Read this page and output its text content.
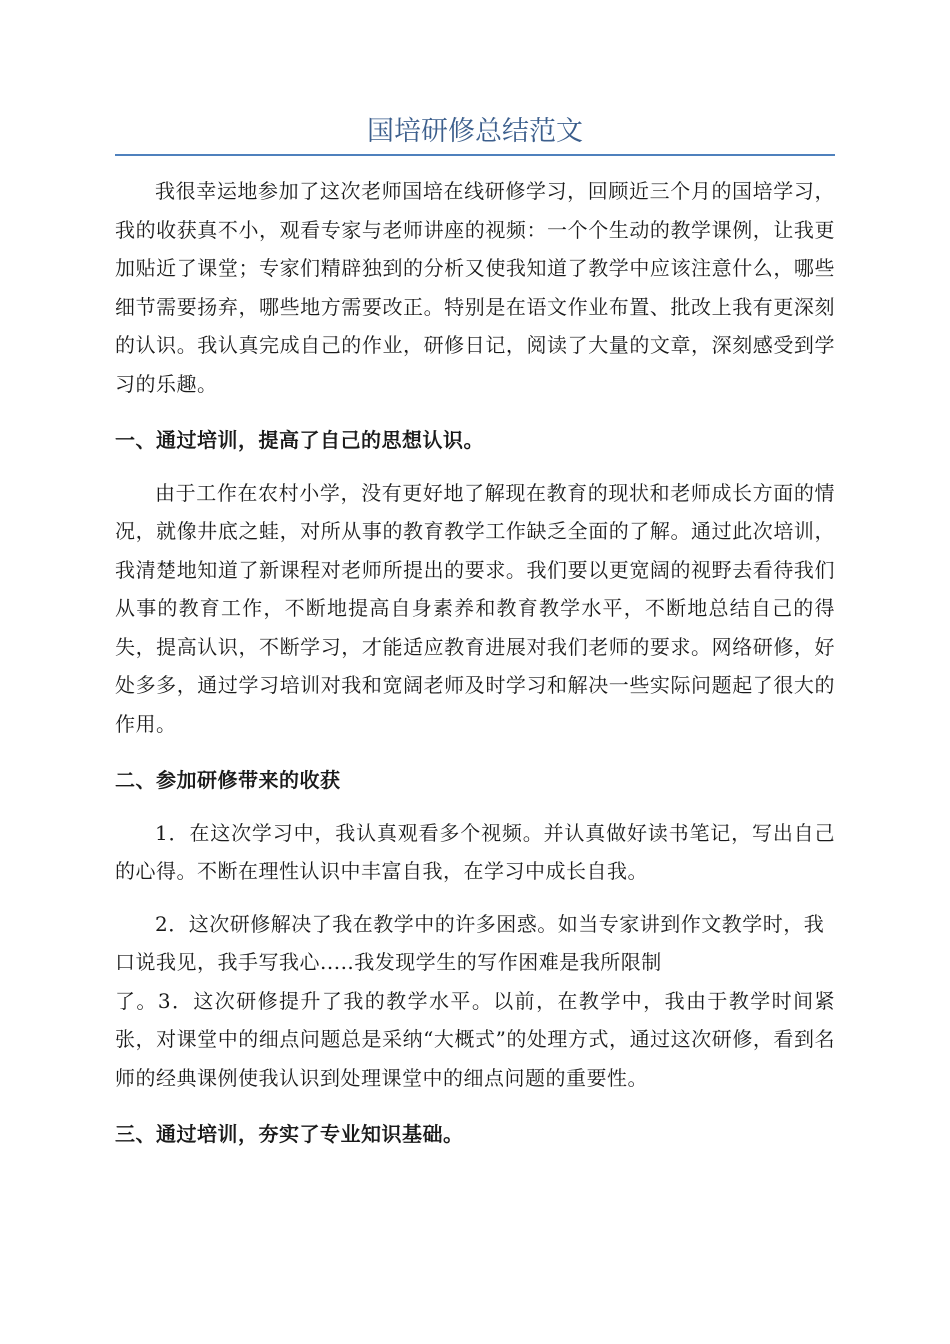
国培研修总结范文

我很幸运地参加了这次老师国培在线研修学习，回顾近三个月的国培学习，我的收获真不小，观看专家与老师讲座的视频：一个个生动的教学课例，让我更加贴近了课堂；专家们精辟独到的分析又使我知道了教学中应该注意什么，哪些细节需要扬弃，哪些地方需要改正。特别是在语文作业布置、批改上我有更深刻的认识。我认真完成自己的作业，研修日记，阅读了大量的文章，深刻感受到学习的乐趣。

一、通过培训，提高了自己的思想认识。

由于工作在农村小学，没有更好地了解现在教育的现状和老师成长方面的情况，就像井底之蛙，对所从事的教育教学工作缺乏全面的了解。通过此次培训，我清楚地知道了新课程对老师所提出的要求。我们要以更宽阔的视野去看待我们从事的教育工作，不断地提高自身素养和教育教学水平，不断地总结自己的得失，提高认识，不断学习，才能适应教育进展对我们老师的要求。网络研修，好处多多，通过学习培训对我和宽阔老师及时学习和解决一些实际问题起了很大的作用。

二、参加研修带来的收获

1．在这次学习中，我认真观看多个视频。并认真做好读书笔记，写出自己的心得。不断在理性认识中丰富自我，在学习中成长自我。

2．这次研修解决了我在教学中的许多困惑。如当专家讲到作文教学时，我口说我见，我手写我心.....我发现学生的写作困难是我所限制

了。3．这次研修提升了我的教学水平。以前，在教学中，我由于教学时间紧张，对课堂中的细点问题总是采纳“大概式”的处理方式，通过这次研修，看到名师的经典课例使我认识到处理课堂中的细点问题的重要性。

三、通过培训，夯实了专业知识基础。
